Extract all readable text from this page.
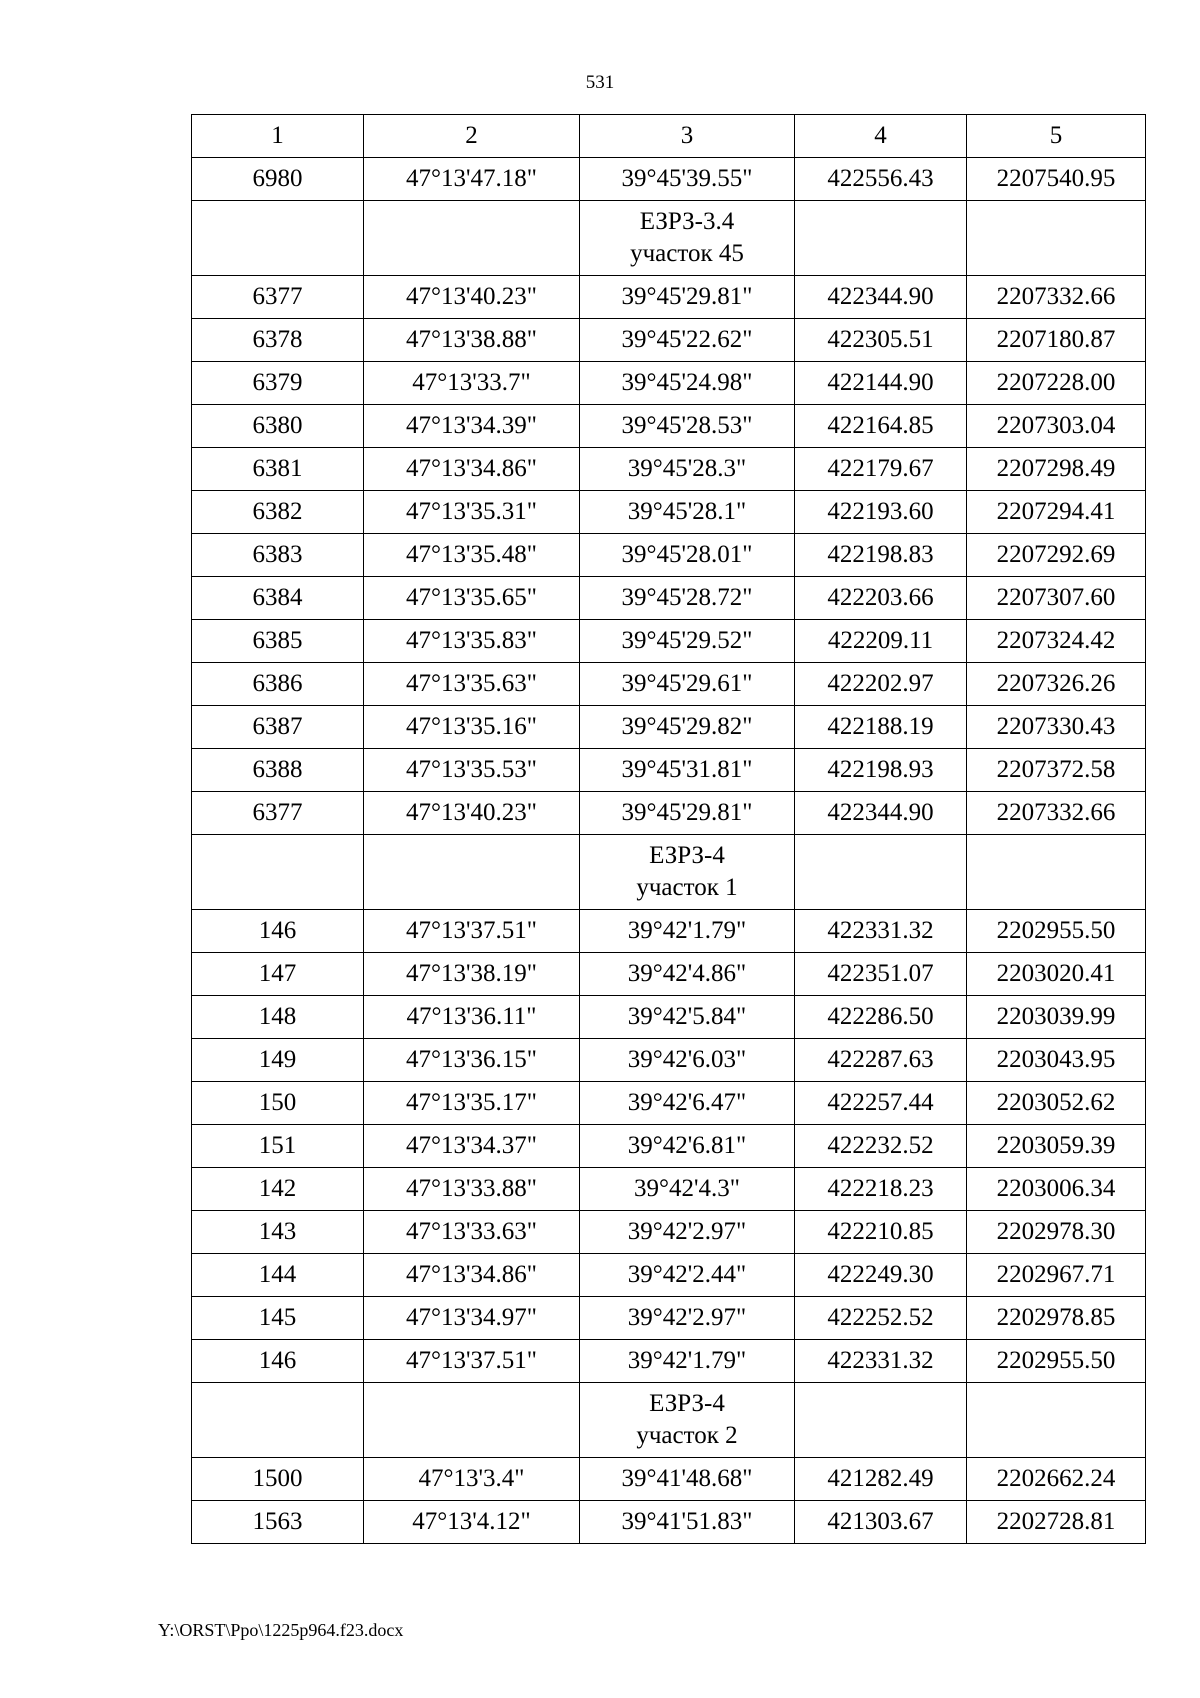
531
1	2	3	4	5
6980	47°13'47.18"	39°45'39.55"	422556.43	2207540.95

		ЕЗРЗ-3.4
участок 45		

6377	47°13'40.23"	39°45'29.81"	422344.90	2207332.66
6378	47°13'38.88"	39°45'22.62"	422305.51	2207180.87
6379	47°13'33.7"	39°45'24.98"	422144.90	2207228.00
6380	47°13'34.39"	39°45'28.53"	422164.85	2207303.04
6381	47°13'34.86"	39°45'28.3"	422179.67	2207298.49
6382	47°13'35.31"	39°45'28.1"	422193.60	2207294.41
6383	47°13'35.48"	39°45'28.01"	422198.83	2207292.69
6384	47°13'35.65"	39°45'28.72"	422203.66	2207307.60
6385	47°13'35.83"	39°45'29.52"	422209.11	2207324.42
6386	47°13'35.63"	39°45'29.61"	422202.97	2207326.26
6387	47°13'35.16"	39°45'29.82"	422188.19	2207330.43
6388	47°13'35.53"	39°45'31.81"	422198.93	2207372.58
6377	47°13'40.23"	39°45'29.81"	422344.90	2207332.66

		ЕЗРЗ-4
участок 1		

146	47°13'37.51"	39°42'1.79"	422331.32	2202955.50
147	47°13'38.19"	39°42'4.86"	422351.07	2203020.41
148	47°13'36.11"	39°42'5.84"	422286.50	2203039.99
149	47°13'36.15"	39°42'6.03"	422287.63	2203043.95
150	47°13'35.17"	39°42'6.47"	422257.44	2203052.62
151	47°13'34.37"	39°42'6.81"	422232.52	2203059.39
142	47°13'33.88"	39°42'4.3"	422218.23	2203006.34
143	47°13'33.63"	39°42'2.97"	422210.85	2202978.30
144	47°13'34.86"	39°42'2.44"	422249.30	2202967.71
145	47°13'34.97"	39°42'2.97"	422252.52	2202978.85
146	47°13'37.51"	39°42'1.79"	422331.32	2202955.50

		ЕЗРЗ-4
участок 2		

1500	47°13'3.4"	39°41'48.68"	421282.49	2202662.24
1563	47°13'4.12"	39°41'51.83"	421303.67	2202728.81
Y:\ORST\Ppo\1225p964.f23.docx
